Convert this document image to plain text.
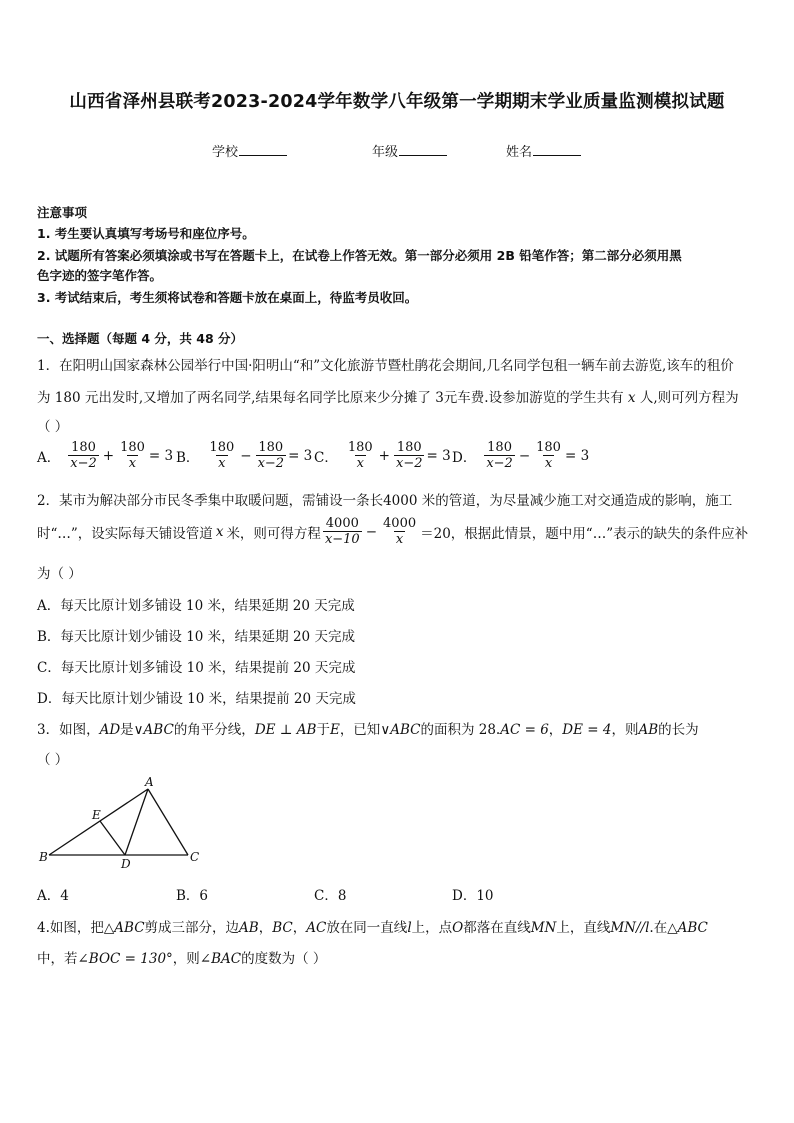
山西省泽州县联考2023-2024学年数学八年级第一学期期末学业质量监测模拟试题
学校	年级	姓名
注意事项
1. 考生要认真填写考场号和座位序号。
2. 试题所有答案必须填涂或书写在答题卡上，在试卷上作答无效。第一部分必须用 2B 铅笔作答；第二部分必须用黑
色字迹的签字笔作答。
3. 考试结束后，考生须将试卷和答题卡放在桌面上，待监考员收回。
一、选择题（每题 4 分，共 48 分）
1．在阳明山国家森林公园举行中国·阳明山“和”文化旅游节暨杜鹃花会期间,几名同学包租一辆车前去游览,该车的租价
为 180 元出发时,又增加了两名同学,结果每名同学比原来少分摊了 3元车费.设参加游览的学生共有 x 人,则可列方程为
（ ）
A． $\frac{180}{x-2} + \frac{180}{x} = 3$ B． $\frac{180}{x} - \frac{180}{x-2} = 3$ C． $\frac{180}{x} + \frac{180}{x-2} = 3$ D． $\frac{180}{x-2} - \frac{180}{x} = 3$
2．某市为解决部分市民冬季集中取暖问题，需铺设一条长4000 米的管道，为尽量减少施工对交通造成的影响，施工
时“…”，设实际每天铺设管道 x 米，则可得方程 $\frac{4000}{x-10} - \frac{4000}{x} =20$，根据此情景，题中用“…”表示的缺失的条件应补
为（ ）
A．每天比原计划多铺设 10 米，结果延期 20 天完成
B．每天比原计划少铺设 10 米，结果延期 20 天完成
C．每天比原计划多铺设 10 米，结果提前 20 天完成
D．每天比原计划少铺设 10 米，结果提前 20 天完成
3．如图，AD是∨ABC的角平分线，DE ⊥ AB于E，已知∨ABC的面积为 28.AC = 6，DE = 4，则AB的长为
（ ）
A
B	C
D
E
A．4	B．6	C．8	D．10
4.如图，把△ABC剪成三部分，边AB，BC，AC放在同一直线l上，点O都落在直线MN上，直线MN//l.在△ABC
中，若∠BOC = 130°，则∠BAC的度数为（ ）
